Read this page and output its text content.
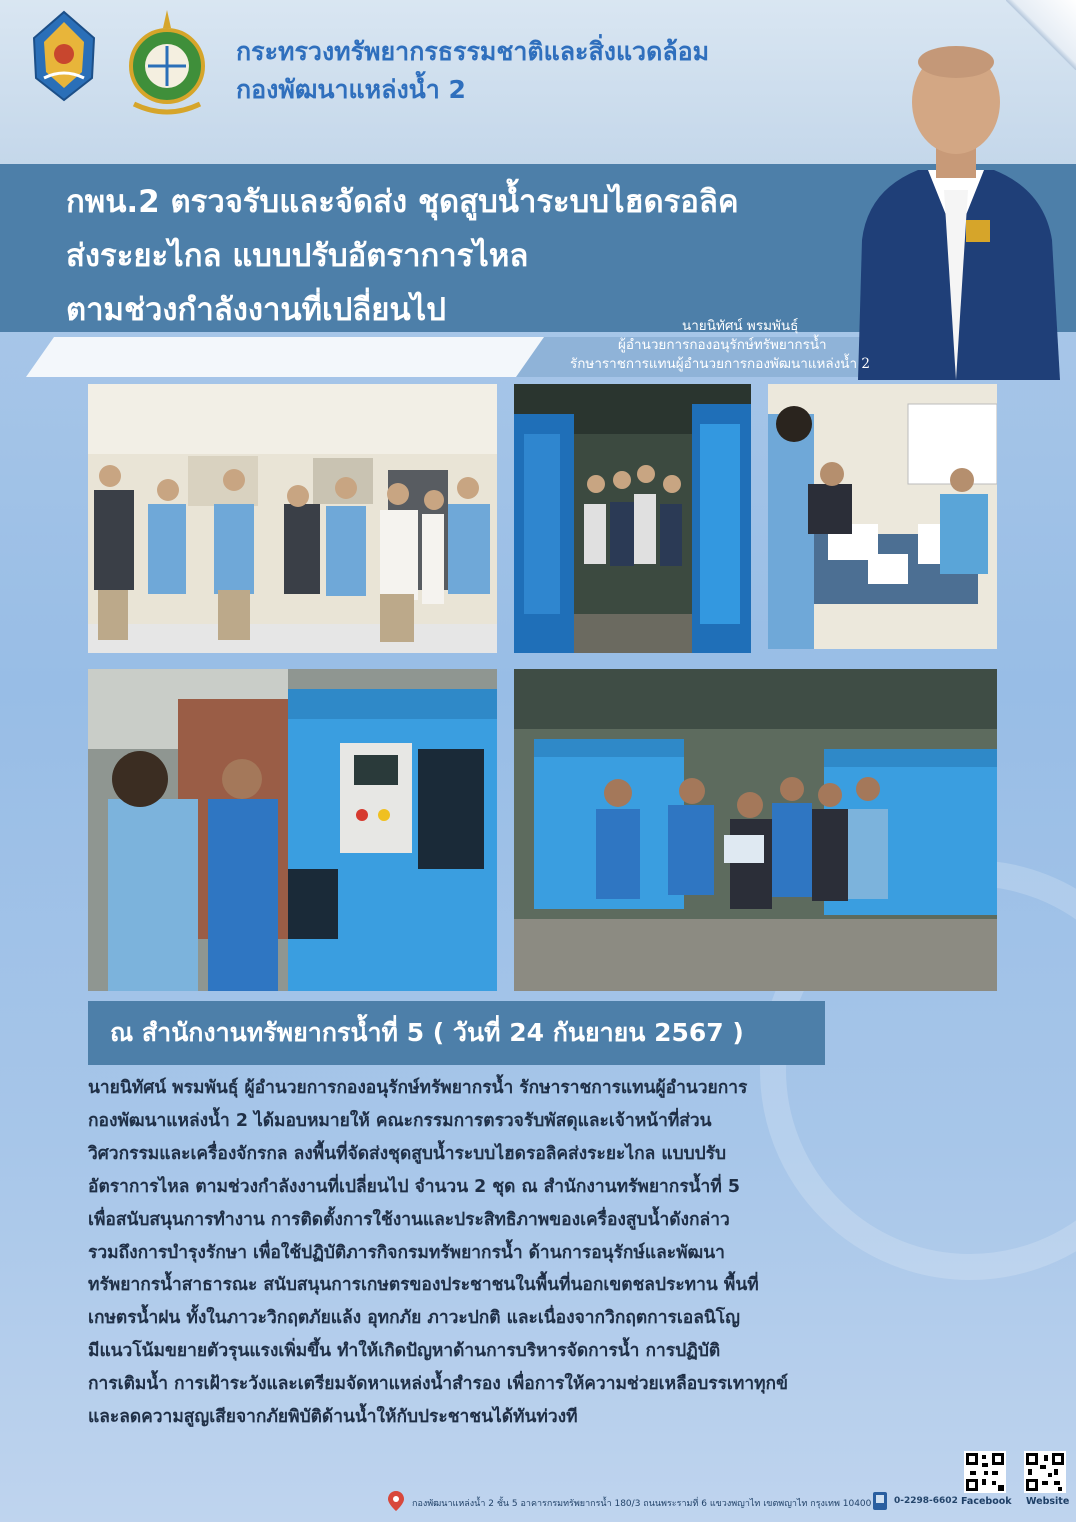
กระทรวงทรัพยากรธรรมชาติและสิ่งแวดล้อม
กองพัฒนาแหล่งน้ำ 2
กพน.2 ตรวจรับและจัดส่ง ชุดสูบน้ำระบบไฮดรอลิค
ส่งระยะไกล แบบปรับอัตราการไหล
ตามช่วงกำลังงานที่เปลี่ยนไป	นายนิทัศน์ พรมพันธุ์
ผู้อำนวยการกองอนุรักษ์ทรัพยากรน้ำ
รักษาราชการแทนผู้อำนวยการกองพัฒนาแหล่งน้ำ 2
ณ สำนักงานทรัพยากรน้ำที่ 5 ( วันที่ 24 กันยายน 2567 )
นายนิทัศน์ พรมพันธุ์ ผู้อำนวยการกองอนุรักษ์ทรัพยากรน้ำ รักษาราชการแทนผู้อำนวยการ
กองพัฒนาแหล่งน้ำ 2 ได้มอบหมายให้ คณะกรรมการตรวจรับพัสดุและเจ้าหน้าที่ส่วน
วิศวกรรมและเครื่องจักรกล ลงพื้นที่จัดส่งชุดสูบน้ำระบบไฮดรอลิคส่งระยะไกล แบบปรับ
อัตราการไหล ตามช่วงกำลังงานที่เปลี่ยนไป จำนวน 2 ชุด ณ สำนักงานทรัพยากรน้ำที่ 5
เพื่อสนับสนุนการทำงาน การติดตั้งการใช้งานและประสิทธิภาพของเครื่องสูบน้ำดังกล่าว
รวมถึงการบำรุงรักษา เพื่อใช้ปฏิบัติภารกิจกรมทรัพยากรน้ำ ด้านการอนุรักษ์และพัฒนา
ทรัพยากรน้ำสาธารณะ สนับสนุนการเกษตรของประชาชนในพื้นที่นอกเขตชลประทาน พื้นที่
เกษตรน้ำฝน ทั้งในภาวะวิกฤตภัยแล้ง อุทกภัย ภาวะปกติ และเนื่องจากวิกฤตการเอลนิโญ
มีแนวโน้มขยายตัวรุนแรงเพิ่มขึ้น ทำให้เกิดปัญหาด้านการบริหารจัดการน้ำ การปฏิบัติ
การเติมน้ำ การเฝ้าระวังและเตรียมจัดหาแหล่งน้ำสำรอง เพื่อการให้ความช่วยเหลือบรรเทาทุกข์
และลดความสูญเสียจากภัยพิบัติด้านน้ำให้กับประชาชนได้ทันท่วงที
กองพัฒนาแหล่งน้ำ 2 ชั้น 5 อาคารกรมทรัพยากรน้ำ 180/3 ถนนพระรามที่ 6 แขวงพญาไท เขตพญาไท กรุงเทพ 10400	0-2298-6602 Facebook Website
